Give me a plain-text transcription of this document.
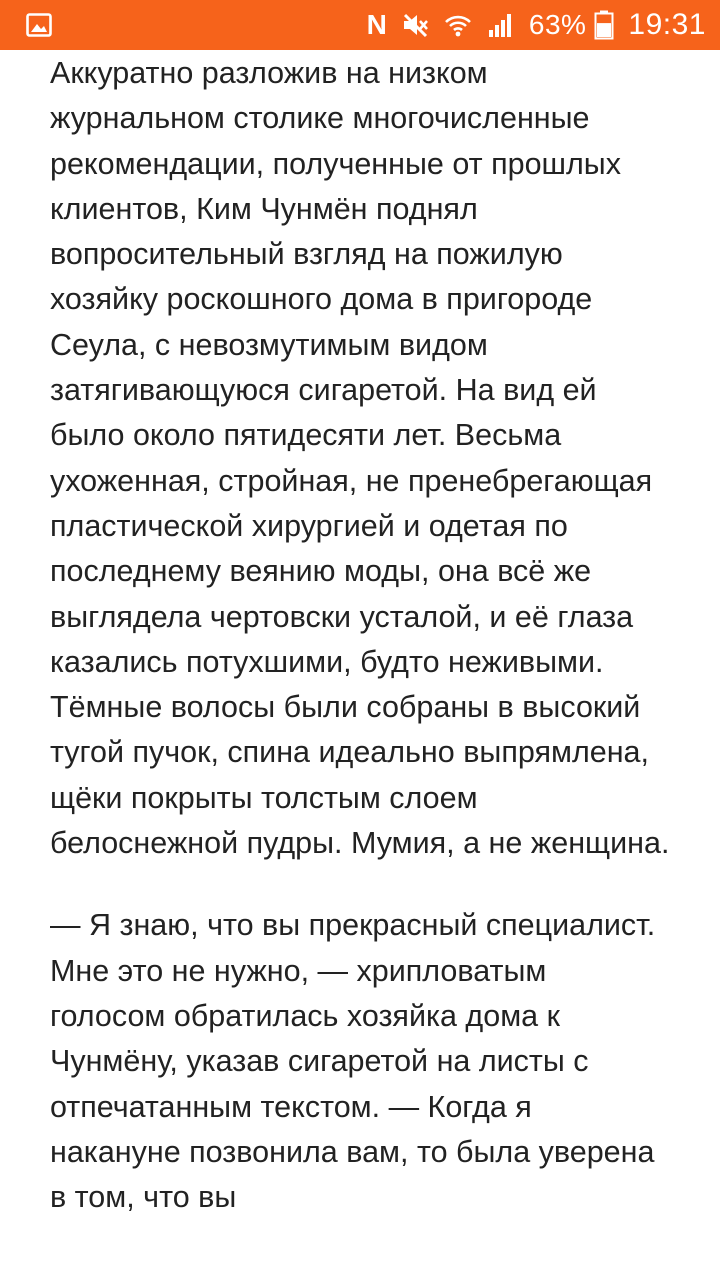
N	63% 19:31

Аккуратно разложив на низком журнальном столике многочисленные рекомендации, полученные от прошлых клиентов, Ким Чунмён поднял вопросительный взгляд на пожилую хозяйку роскошного дома в пригороде Сеула, с невозмутимым видом затягивающуюся сигаретой. На вид ей было около пятидесяти лет. Весьма ухоженная, стройная, не пренебрегающая пластической хирургией и одетая по последнему веянию моды, она всё же выглядела чертовски усталой, и её глаза казались потухшими, будто неживыми. Тёмные волосы были собраны в высокий тугой пучок, спина идеально выпрямлена, щёки покрыты толстым слоем белоснежной пудры. Мумия, а не женщина.

— Я знаю, что вы прекрасный специалист. Мне это не нужно, — хрипловатым голосом обратилась хозяйка дома к Чунмёну, указав сигаретой на листы с отпечатанным текстом. — Когда я накануне позвонила вам, то была уверена в том, что вы
